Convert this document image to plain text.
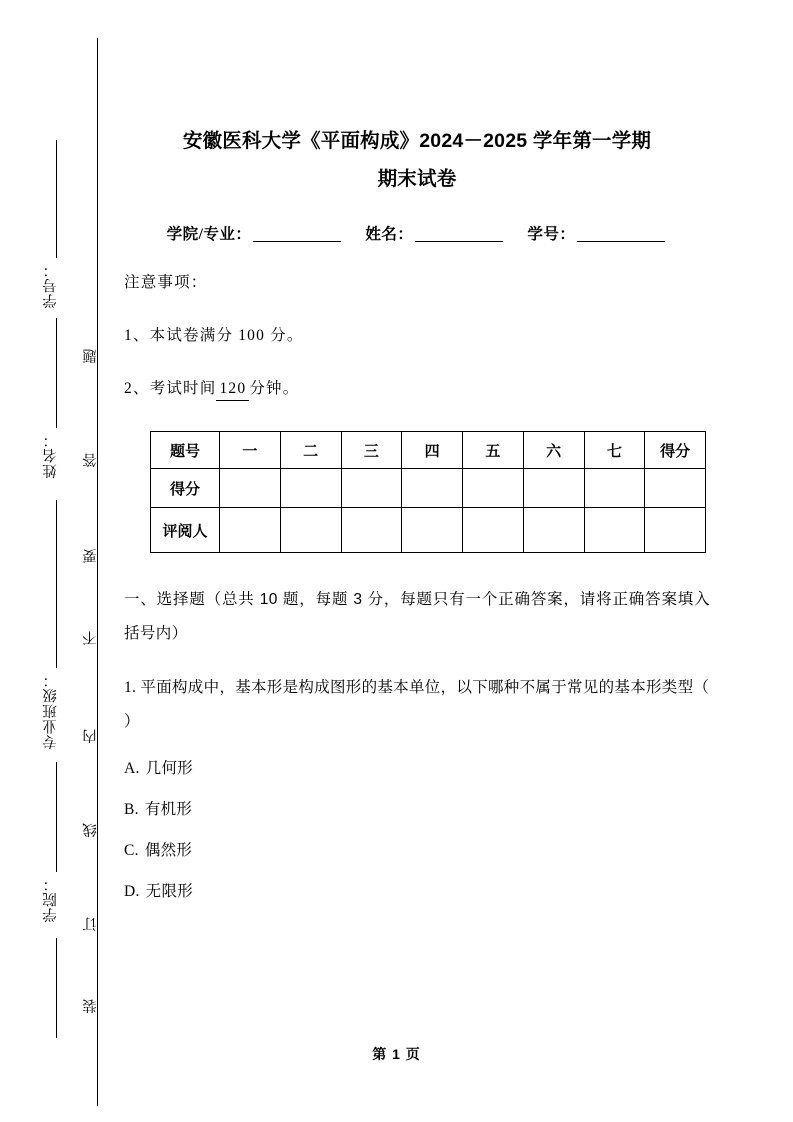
学号：
姓名：
专业班级：
学院：
题
答
要
不
内
线
订
装
安徽医科大学《平面构成》2024－2025 学年第一学期
期末试卷
学院/专业：	姓名：	学号：

注意事项：

1、本试卷满分 100 分。

2、考试时间 120 分钟。

题号	一	二	三	四	五	六	七	得分
得分								
评阅人								

一、选择题（总共 10 题，每题 3 分，每题只有一个正确答案，请将正确答案填入括号内）

1. 平面构成中，基本形是构成图形的基本单位，以下哪种不属于常见的基本形类型（ ）

A. 几何形

B. 有机形

C. 偶然形

D. 无限形

第 1 页
